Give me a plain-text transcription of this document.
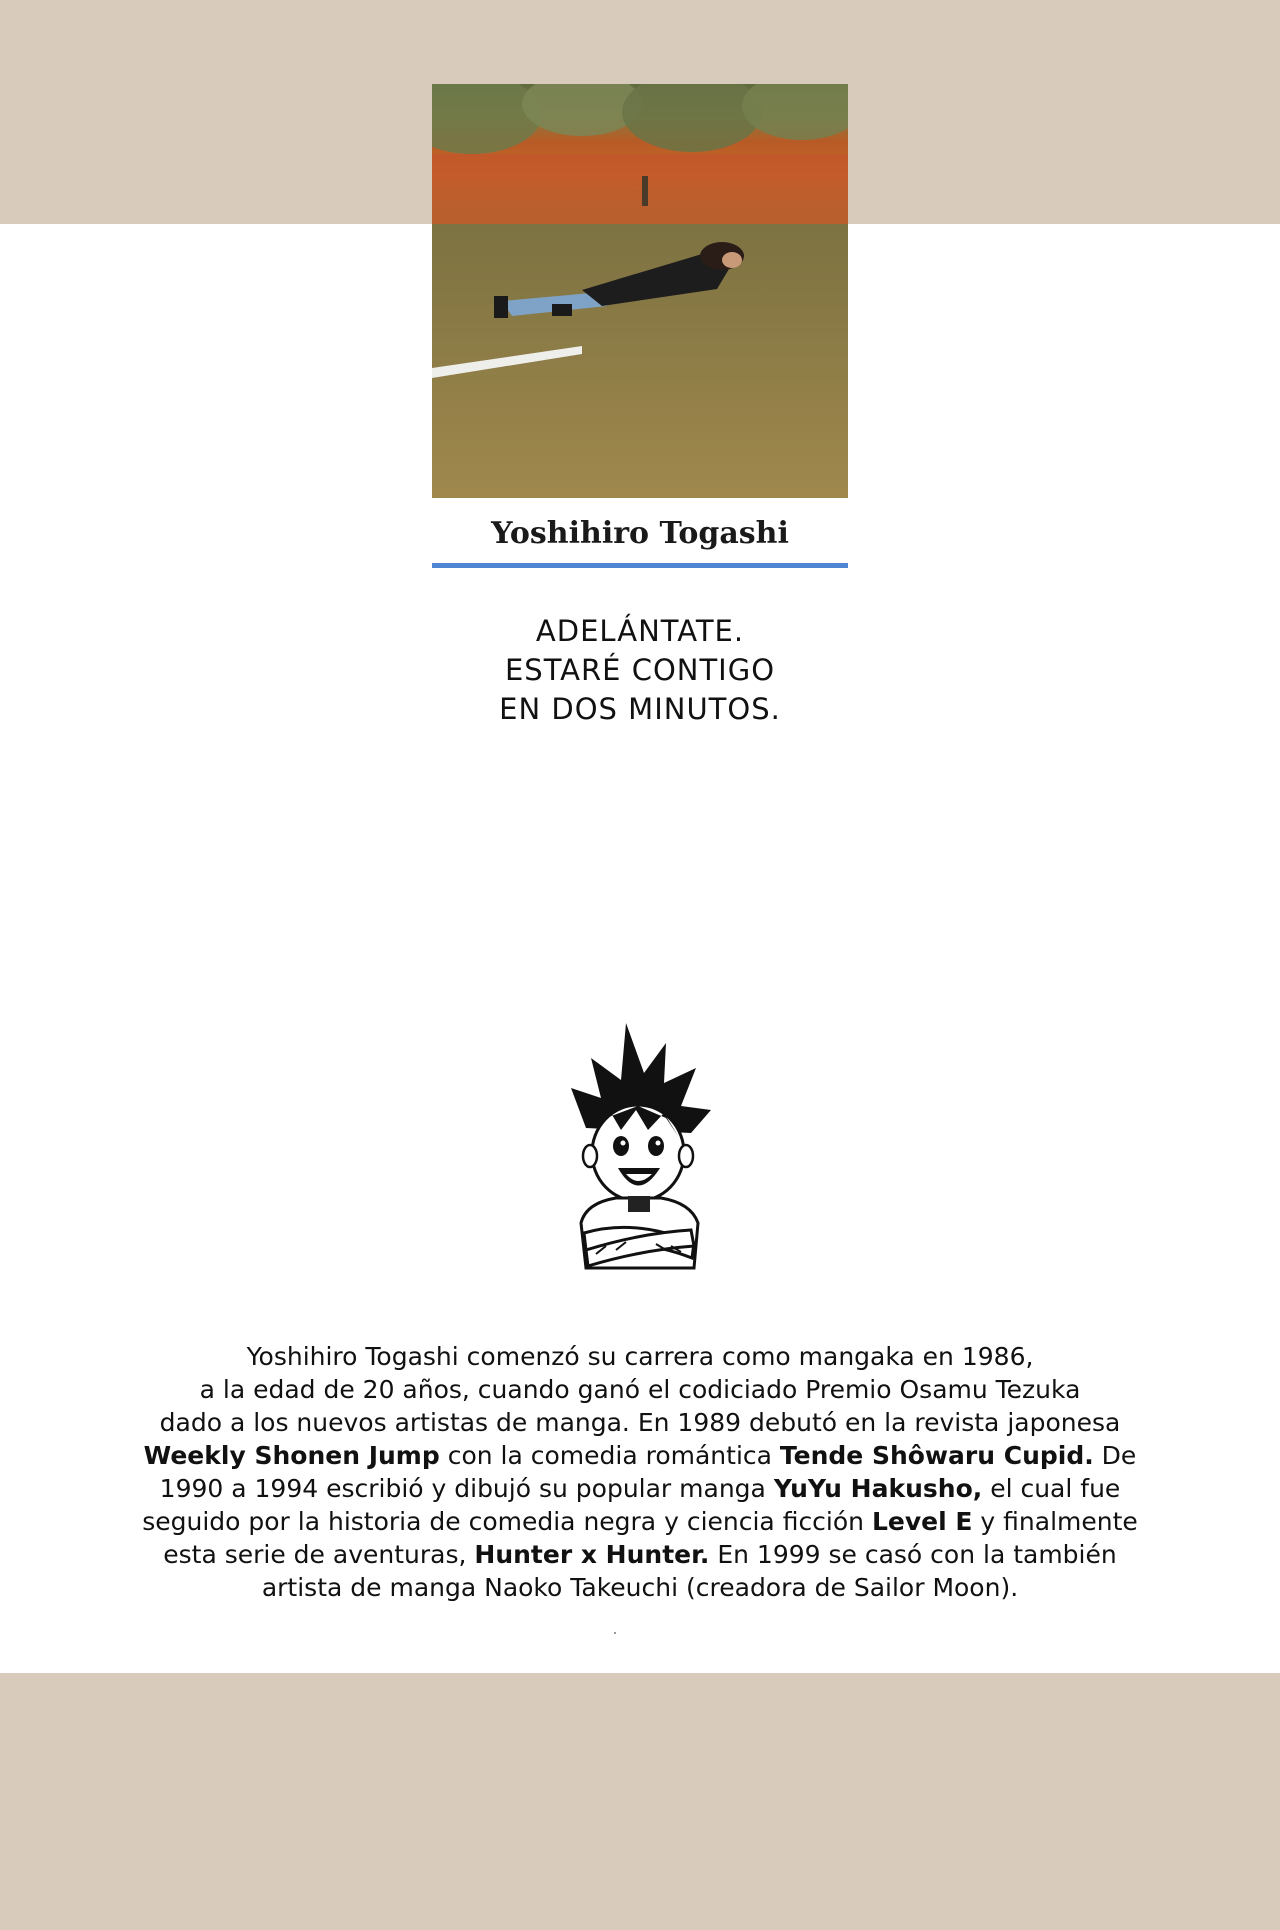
Yoshihiro Togashi
ADELÁNTATE.
ESTARÉ CONTIGO
EN DOS MINUTOS.
Yoshihiro Togashi comenzó su carrera como mangaka en 1986,
a la edad de 20 años, cuando ganó el codiciado Premio Osamu Tezuka
dado a los nuevos artistas de manga. En 1989 debutó en la revista japonesa
Weekly Shonen Jump con la comedia romántica Tende Shôwaru Cupid. De
1990 a 1994 escribió y dibujó su popular manga YuYu Hakusho, el cual fue
seguido por la historia de comedia negra y ciencia ficción Level E y finalmente
esta serie de aventuras, Hunter x Hunter. En 1999 se casó con la también
artista de manga Naoko Takeuchi (creadora de Sailor Moon).
